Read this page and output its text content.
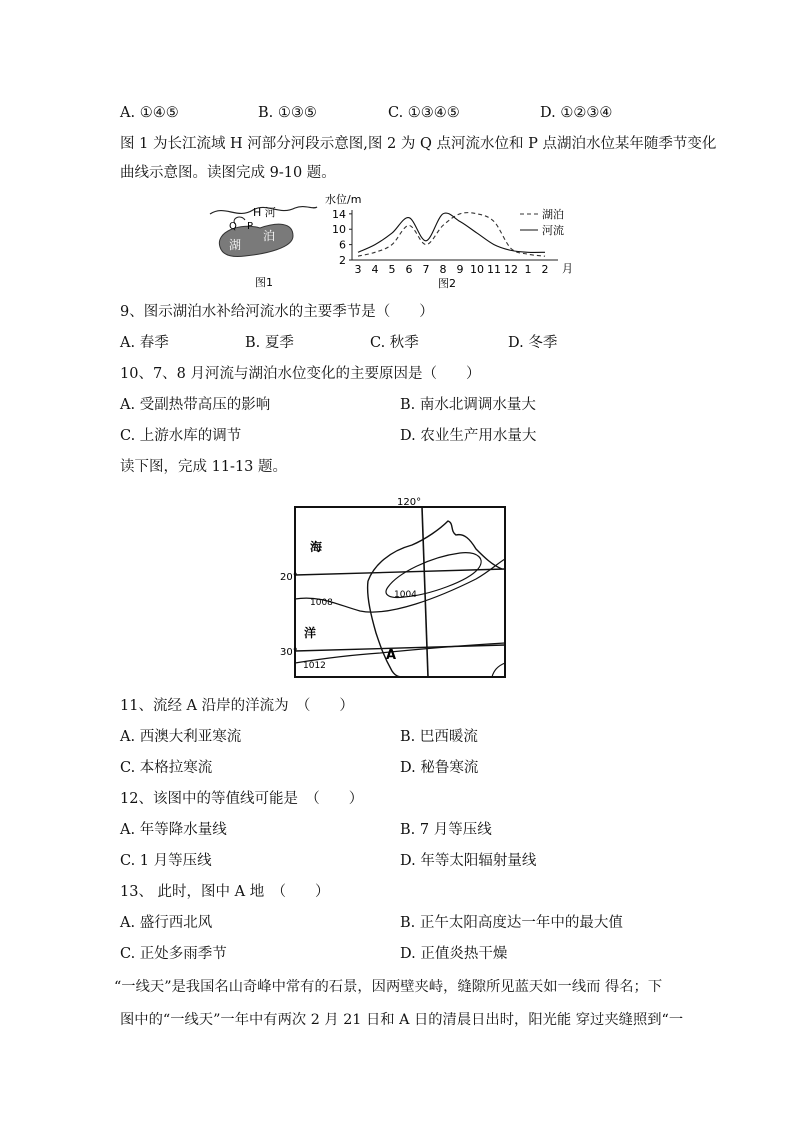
A. ①④⑤	B. ①③⑤	C. ①③④⑤	D. ①②③④
图 1 为长江流域 H 河部分河段示意图,图 2 为 Q 点河流水位和 P 点湖泊水位某年随季节变化
曲线示意图。读图完成 9-10 题。
H 河
Q P
湖
泊
图1
水位/m
2
6
10
14
3 4 5 6 7 8 9 10 11 12 1 2 月
湖泊
河流
图2
9、图示湖泊水补给河流水的主要季节是（　　）
A. 春季	B. 夏季	C. 秋季	D. 冬季
10、7、8 月河流与湖泊水位变化的主要原因是（　　）
A. 受副热带高压的影响	B. 南水北调调水量大
C. 上游水库的调节	D. 农业生产用水量大
读下图，完成 11-13 题。
120°
20°
30°
海
洋
1004
1008
1012
A
11、流经 A 沿岸的洋流为　（　　）
A. 西澳大利亚寒流	B. 巴西暖流
C. 本格拉寒流	D. 秘鲁寒流
12、该图中的等值线可能是　（　　）
A. 年等降水量线	B. 7 月等压线
C. 1 月等压线	D. 年等太阳辐射量线
13、 此时，图中 A 地　（　　）
A. 盛行西北风	B. 正午太阳高度达一年中的最大值
C. 正处多雨季节	D. 正值炎热干燥
“一线天”是我国名山奇峰中常有的石景，因两壁夹峙，缝隙所见蓝天如一线而 得名；下
图中的“一线天”一年中有两次 2 月 21 日和 A 日的清晨日出时，阳光能 穿过夹缝照到“一
